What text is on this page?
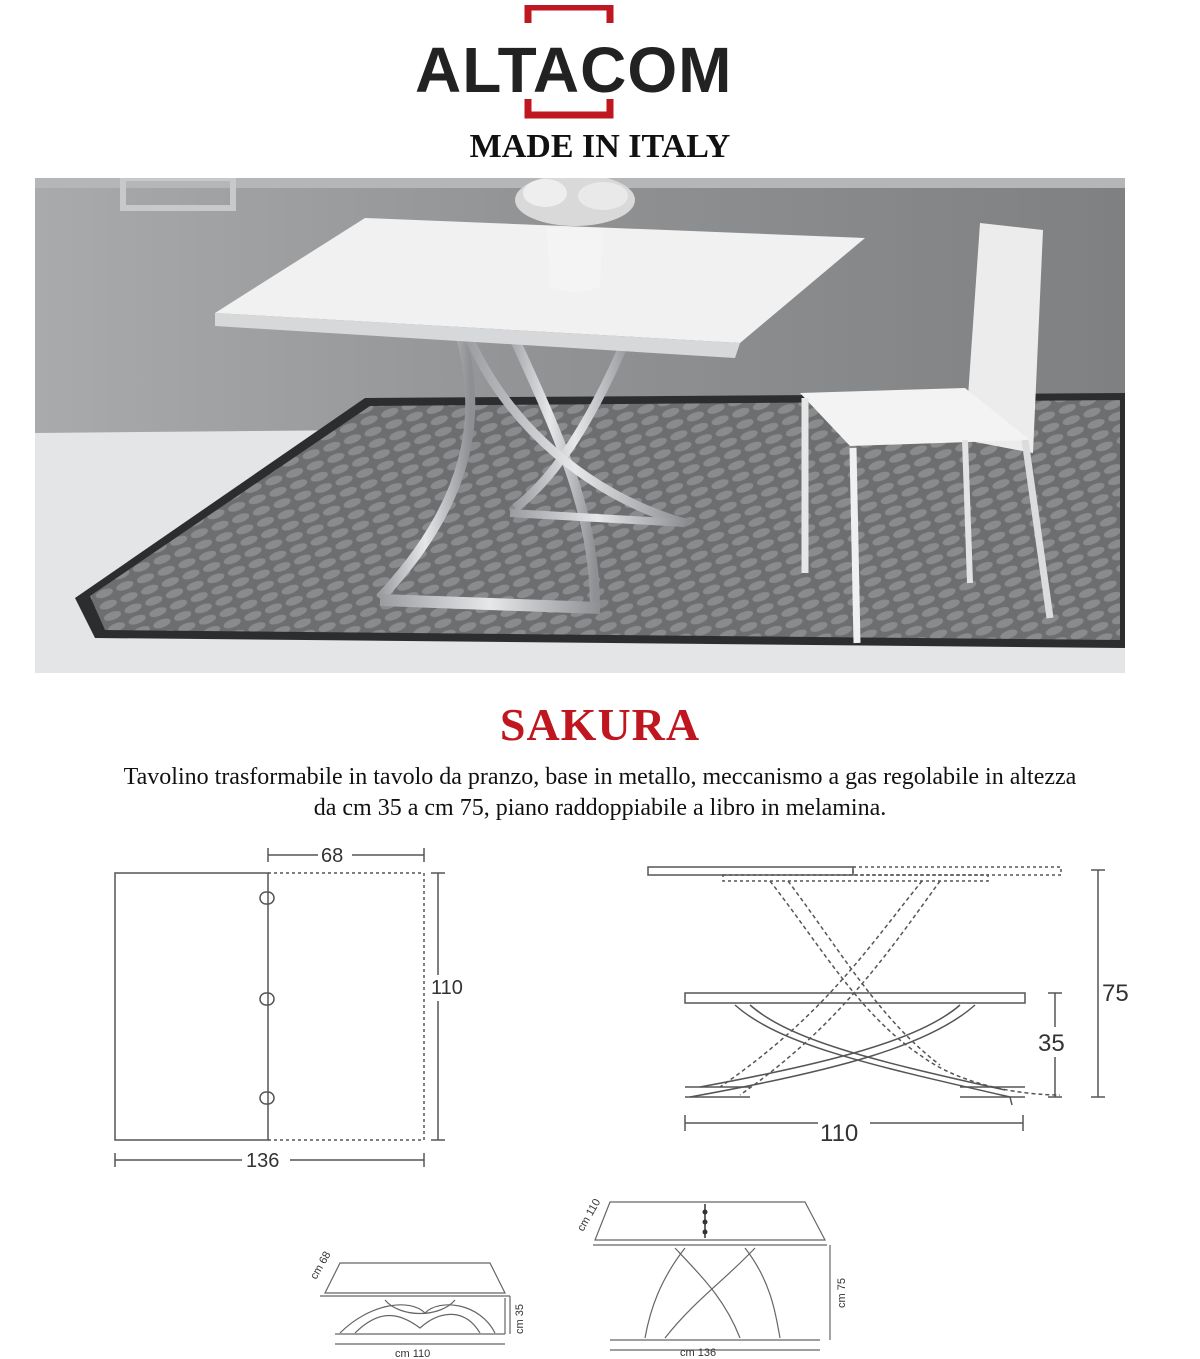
ALTACOM
MADE IN ITALY
SAKURA
Tavolino trasformabile in tavolo da pranzo, base in metallo, meccanismo a gas regolabile in altezza
da cm 35 a cm 75, piano raddoppiabile a libro in melamina.
68
110
136
110
35
75
cm 68
cm 35
cm 110
cm 110
cm 75
cm 136
